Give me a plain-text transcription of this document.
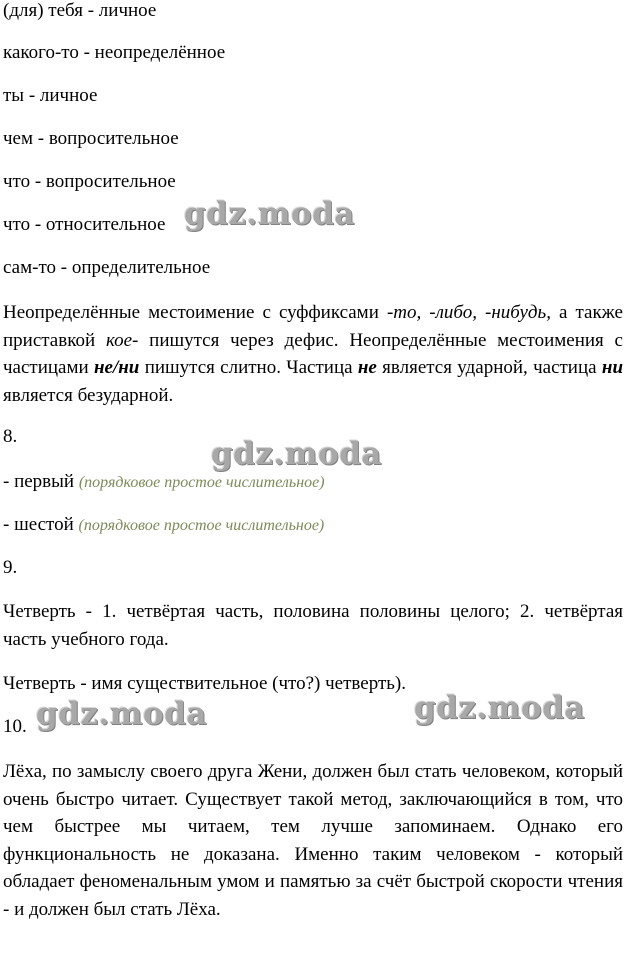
(для) тебя - личное
какого-то - неопределённое
ты - личное
чем - вопросительное
что - вопросительное
что - относительное
сам-то - определительное
Неопределённые местоимение с суффиксами -то, -либо, -нибудь, а также приставкой кое- пишутся через дефис. Неопределённые местоимения с частицами не/ни пишутся слитно. Частица не является ударной, частица ни является безударной.
8.
- первый (порядковое простое числительное)
- шестой (порядковое простое числительное)
9.
Четверть - 1. четвёртая часть, половина половины целого; 2. четвёртая часть учебного года.
Четверть - имя существительное (что?) четверть).
10.
Лёха, по замыслу своего друга Жени, должен был стать человеком, который очень быстро читает. Существует такой метод, заключающийся в том, что чем быстрее мы читаем, тем лучше запоминаем. Однако его функциональность не доказана. Именно таким человеком - который обладает феноменальным умом и памятью за счёт быстрой скорости чтения - и должен был стать Лёха.
gdz.moda
gdz.moda
gdz.moda	gdz.moda
